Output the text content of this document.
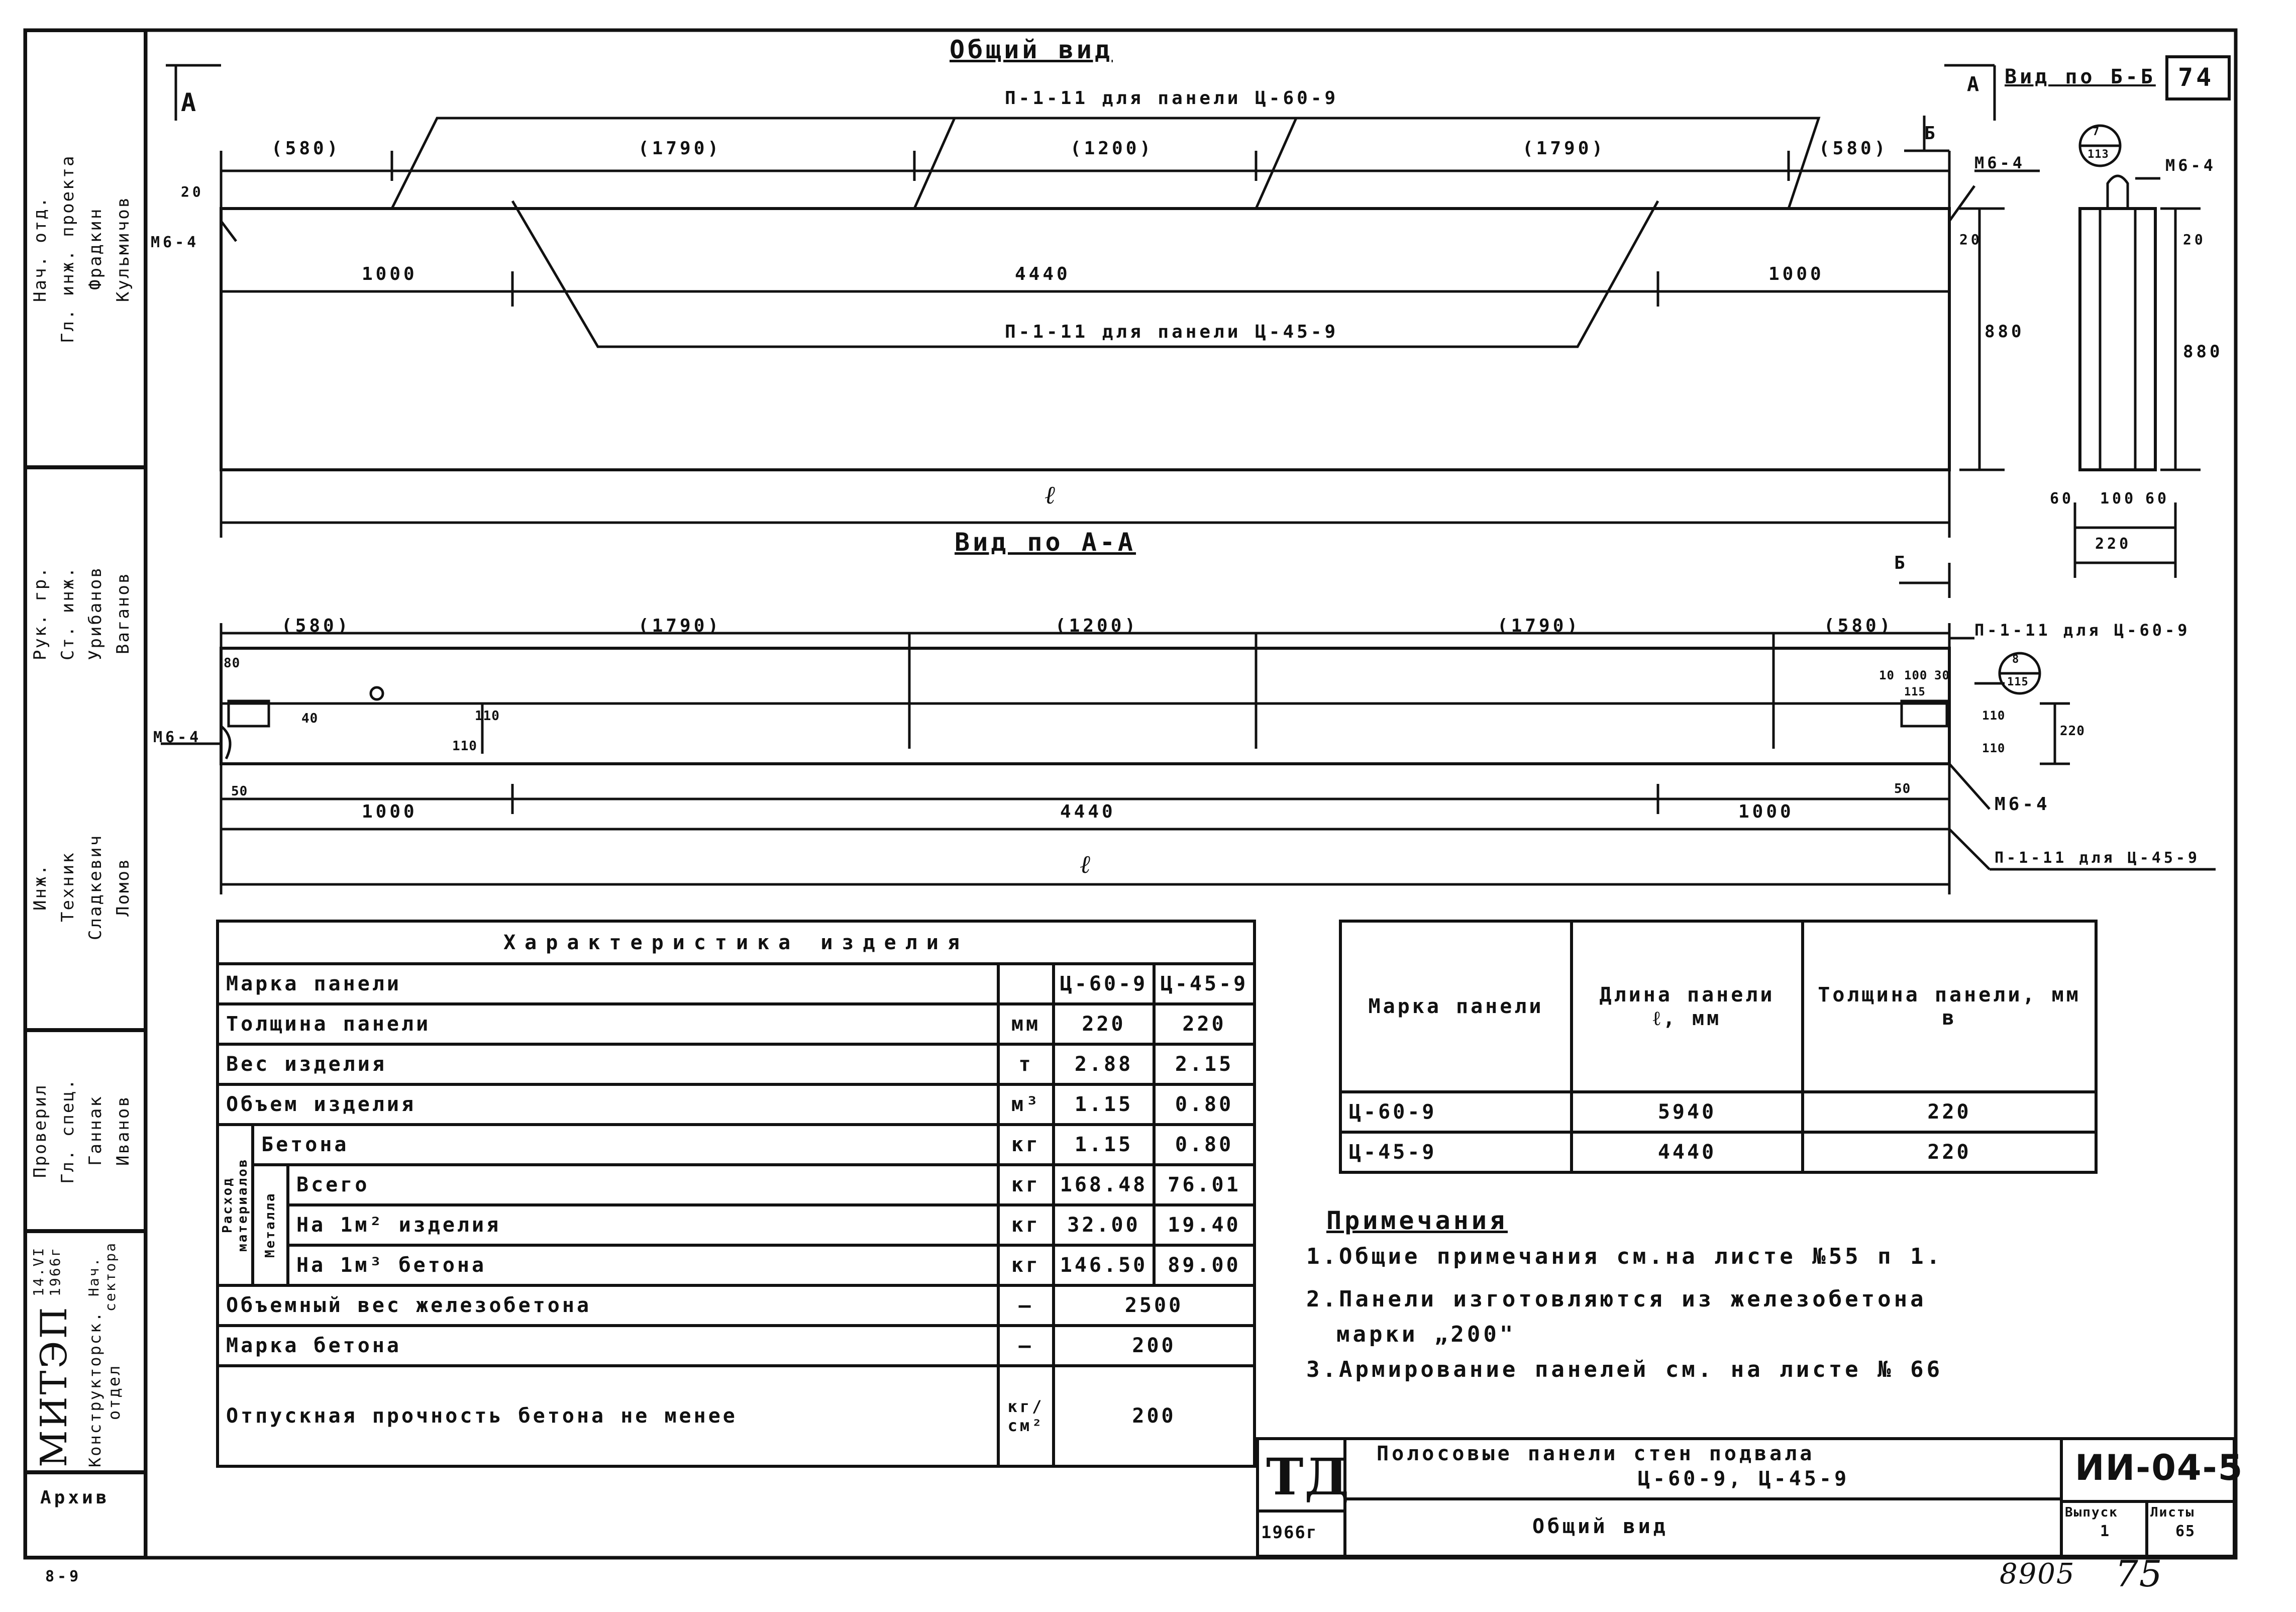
Нач. отд. Гл. инж. проекта Фрадкин Кульмичов
Рук. гр. Ст. инж. Урибанов Ваганов
Инж. Техник Сладкевич Ломов
Проверил Гл. спец. Ганнак Иванов
14.VI 1966г
МИТЭП
Нач. сектора
Конструкторск. отдел
Архив
8-9
Общий вид
Вид по Б-Б 74
А
А
Б
Б
П-1-11 для панели Ц-60-9
П-1-11 для панели Ц-45-9
(580)	(1790)	(1200)	(1790)	(580)
1000	4440	1000
ℓ
М6-4
М6-4	М6-4
20
20
880
20
880
7
113
60 100 60
220
Вид по А-А
(580)	(1790)	(1200)	(1790)	(580)	П-1-11 для Ц-60-9
1000	4440	1000
ℓ
М6-4
М6-4
П-1-11 для Ц-45-9
8
115
80
40	110
110
50	50
10 100 30
115
110
110
220
Характеристика изделия				
Марка панели				Ц-60-9 Ц-45-9

Толщина панели			мм	220 220

Вес изделия			т	2.88 2.15

Объем изделия			м³	1.15 0.80

Расход материалов	Бетона		кг	1.15 0.80

	Металла	Всего	кг	168.48 76.01

		На 1м² изделия	кг	32.00 19.40

		На 1м³ бетона	кг	146.50 89.00

Объемный вес железобетона			—	2500
Марка бетона			—	200
Отпускная прочность бетона не менее			кг/см²	200
Марка панели	Длина панели ℓ, мм	Толщина панели, мм в
Ц-60-9	5940	220
Ц-45-9	4440	220
Примечания
1.Общие примечания см.на листе №55 п 1.
2.Панели изготовляются из железобетона
марки „200"
3.Армирование панелей см. на листе № 66
ТД
1966г
Полосовые панели стен подвала
Ц-60-9, Ц-45-9
Общий вид
ИИ-04-5
Выпуск
1
Листы
65
8905 75
